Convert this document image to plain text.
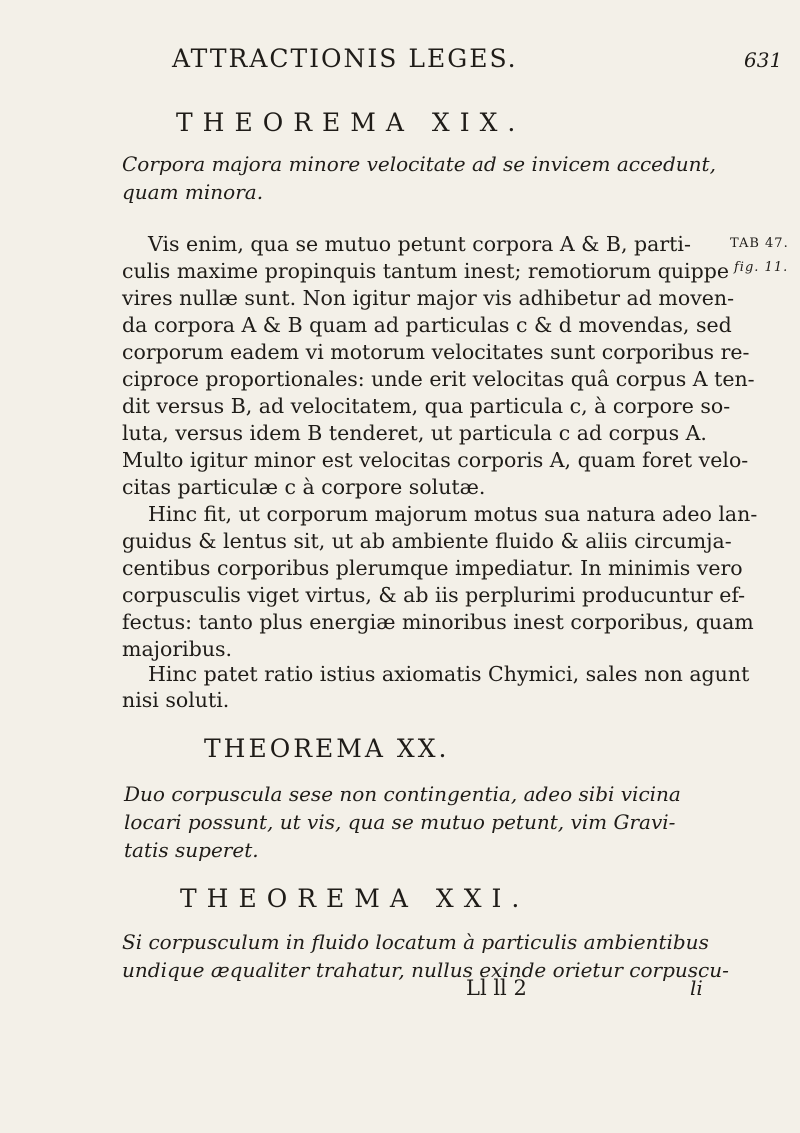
ATTRACTIONIS LEGES.	631
THEOREMA XIX.
Corpora majora minore velocitate ad se invicem accedunt,
quam minora.
Vis enim, qua se mutuo petunt corpora A & B, parti-
culis maxime propinquis tantum inest; remotiorum quippe
vires nullæ sunt. Non igitur major vis adhibetur ad moven-
da corpora A & B quam ad particulas c & d movendas, sed
corporum eadem vi motorum velocitates sunt corporibus re-
ciproce proportionales: unde erit velocitas quâ corpus A ten-
dit versus B, ad velocitatem, qua particula c, à corpore so-
luta, versus idem B tenderet, ut particula c ad corpus A.
Multo igitur minor est velocitas corporis A, quam foret velo-
citas particulæ c à corpore solutæ.
Hinc fit, ut corporum majorum motus sua natura adeo lan-
guidus & lentus sit, ut ab ambiente fluido & aliis circumja-
centibus corporibus plerumque impediatur. In minimis vero
corpusculis viget virtus, & ab iis perplurimi producuntur ef-
fectus: tanto plus energiæ minoribus inest corporibus, quam
majoribus.
Hinc patet ratio istius axiomatis Chymici, sales non agunt
nisi soluti.
TAB 47.
fig. 11.
THEOREMA XX.
Duo corpuscula sese non contingentia, adeo sibi vicina
locari possunt, ut vis, qua se mutuo petunt, vim Gravi-
tatis superet.
THEOREMA XXI.
Si corpusculum in fluido locatum à particulis ambientibus
undique æqualiter trahatur, nullus exinde orietur corpuscu-
Ll ll 2	li
